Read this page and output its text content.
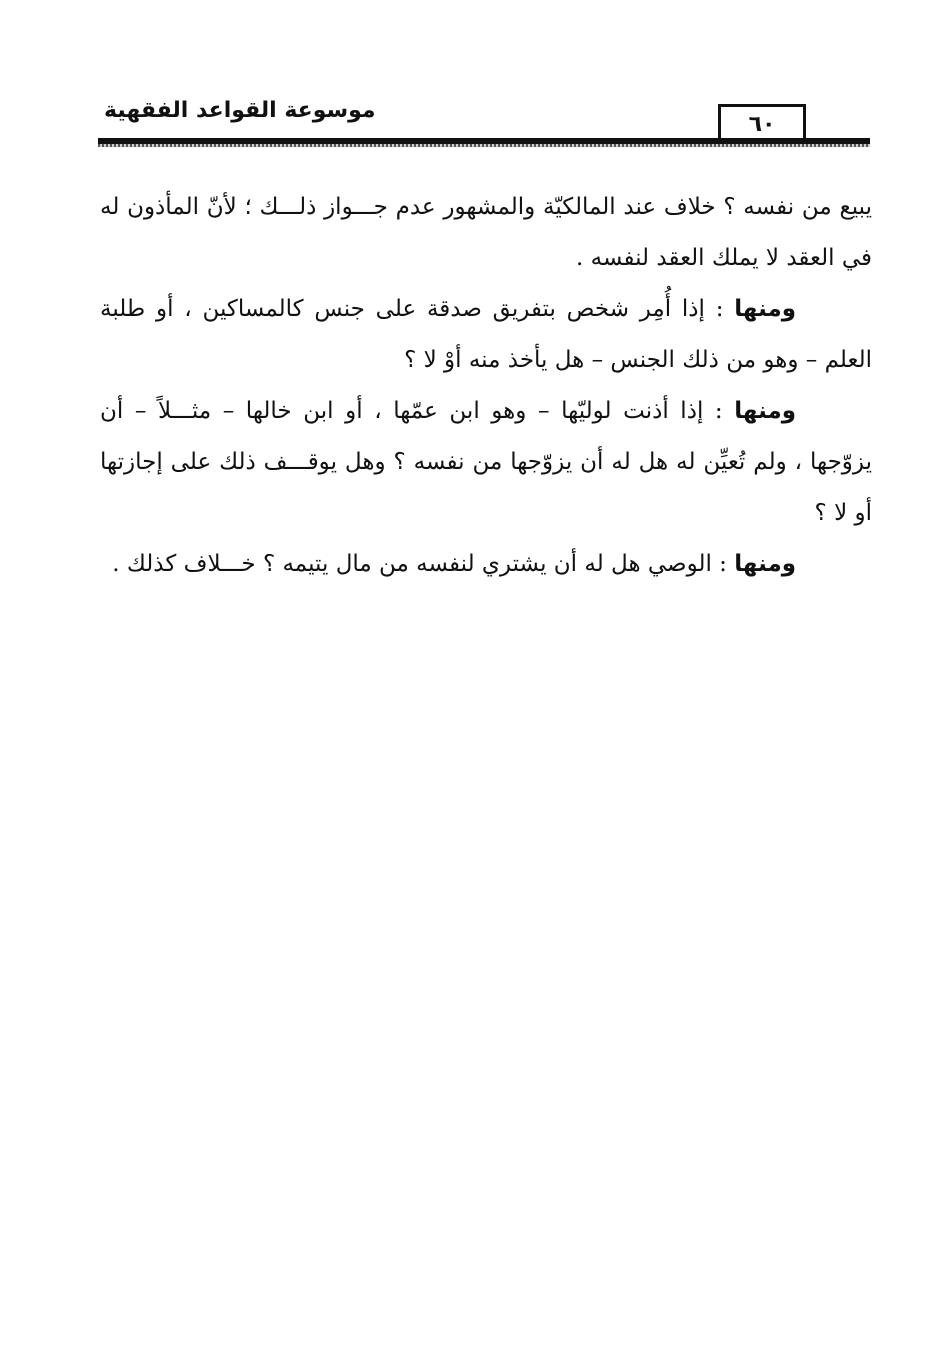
٦٠
موسوعة القواعد الفقهية

يبيع من نفسه ؟ خلاف عند المالكيّة والمشهور عدم جـــواز ذلـــك ؛ لأنّ المأذون له في العقد لا يملك العقد لنفسه .

ومنها : إذا أُمِر شخص بتفريق صدقة على جنس كالمساكين ، أو طلبة العلم – وهو من ذلك الجنس – هل يأخذ منه أوْ لا ؟

ومنها : إذا أذنت لوليّها – وهو ابن عمّها ، أو ابن خالها – مثـــلاً – أن يزوّجها ، ولم تُعيِّن له هل له أن يزوّجها من نفسه ؟ وهل يوقـــف ذلك على إجازتها أو لا ؟

ومنها : الوصي هل له أن يشتري لنفسه من مال يتيمه ؟ خـــلاف كذلك .
